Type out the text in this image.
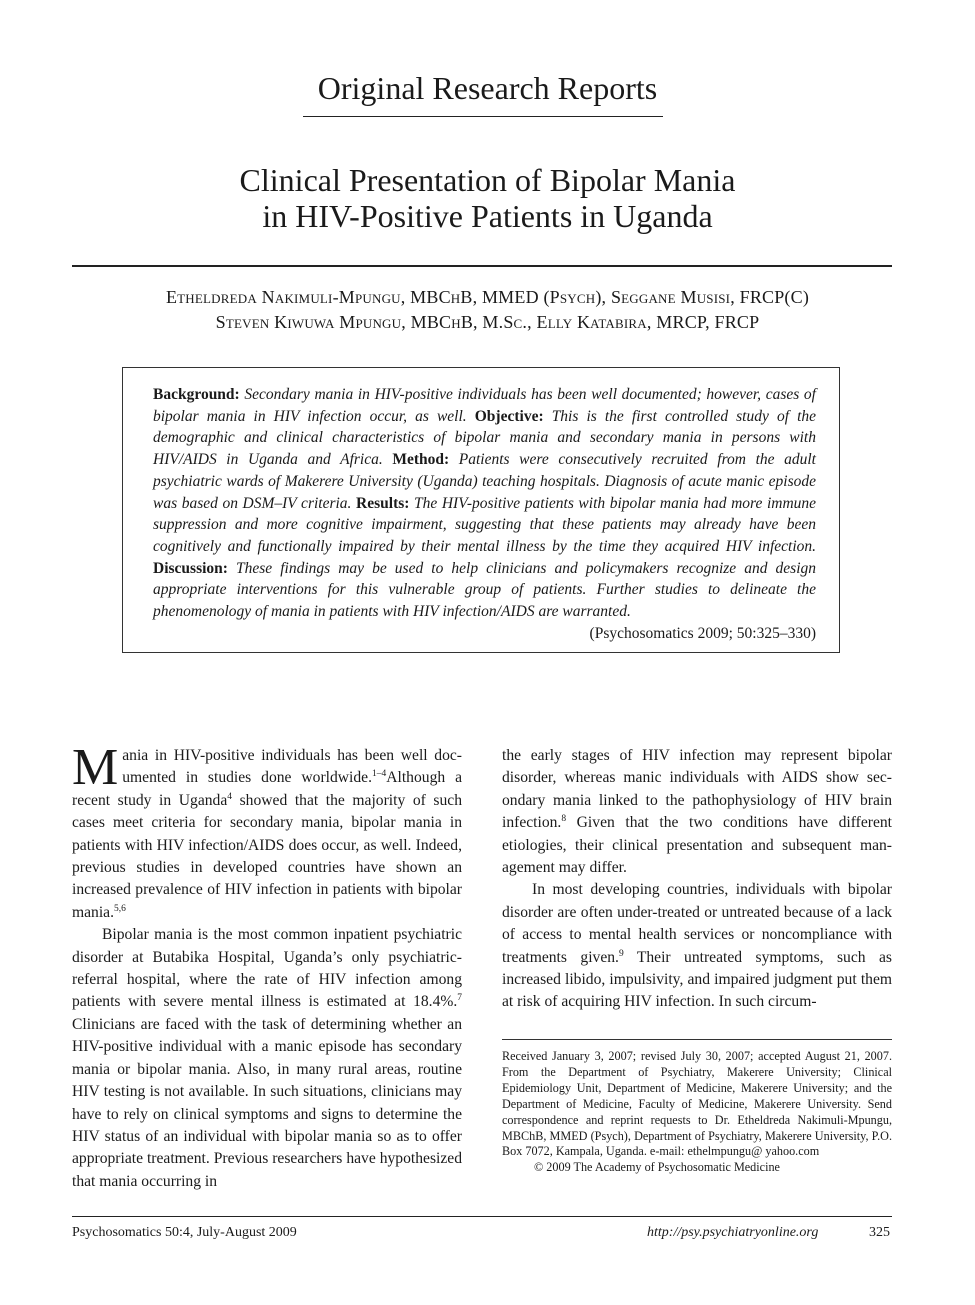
Original Research Reports
Clinical Presentation of Bipolar Mania
in HIV-Positive Patients in Uganda
Etheldreda Nakimuli-Mpungu, MBChB, MMED (Psych), Seggane Musisi, FRCP(C)
Steven Kiwuwa Mpungu, MBChB, M.Sc., Elly Katabira, MRCP, FRCP
Background: Secondary mania in HIV-positive individuals has been well documented; however, cases of bipolar mania in HIV infection occur, as well. Objective: This is the first controlled study of the demographic and clinical characteristics of bipolar mania and secondary mania in persons with HIV/AIDS in Uganda and Africa. Method: Patients were consecutively recruited from the adult psychiatric wards of Makerere University (Uganda) teaching hospitals. Diagnosis of acute manic episode was based on DSM–IV criteria. Results: The HIV-positive patients with bipolar mania had more immune suppression and more cognitive impairment, suggesting that these patients may already have been cognitively and functionally impaired by their mental illness by the time they acquired HIV infection. Discussion: These findings may be used to help clinicians and policymakers recognize and design appropriate interventions for this vulnerable group of patients. Further studies to delineate the phenomenology of mania in patients with HIV infection/AIDS are warranted.
(Psychosomatics 2009; 50:325–330)

Mania in HIV-positive individuals has been well documented in studies done worldwide.$^{1-4}$Although a recent study in Uganda$^4$ showed that the majority of such cases meet criteria for secondary mania, bipolar mania in patients with HIV infection/AIDS does occur, as well. Indeed, previous studies in developed countries have shown an increased prevalence of HIV infection in patients with bipolar mania.$^{5,6}$

Bipolar mania is the most common inpatient psychiatric disorder at Butabika Hospital, Uganda’s only psychiatric-referral hospital, where the rate of HIV infection among patients with severe mental illness is estimated at 18.4%.$^7$ Clinicians are faced with the task of determining whether an HIV-positive individual with a manic episode has secondary mania or bipolar mania. Also, in many rural areas, routine HIV testing is not available. In such situations, clinicians may have to rely on clinical symptoms and signs to determine the HIV status of an individual with bipolar mania so as to offer appropriate treatment. Previous researchers have hypothesized that mania occurring in

the early stages of HIV infection may represent bipolar disorder, whereas manic individuals with AIDS show secondary mania linked to the pathophysiology of HIV brain infection.$^8$ Given that the two conditions have different etiologies, their clinical presentation and subsequent management may differ.

In most developing countries, individuals with bipolar disorder are often under-treated or untreated because of a lack of access to mental health services or noncompliance with treatments given.$^9$ Their untreated symptoms, such as increased libido, impulsivity, and impaired judgment put them at risk of acquiring HIV infection. In such circum-

Received January 3, 2007; revised July 30, 2007; accepted August 21, 2007. From the Department of Psychiatry, Makerere University; Clinical Epidemiology Unit, Department of Medicine, Makerere University; and the Department of Medicine, Faculty of Medicine, Makerere University. Send correspondence and reprint requests to Dr. Etheldreda Nakimuli-Mpungu, MBChB, MMED (Psych), Department of Psychiatry, Makerere University, P.O. Box 7072, Kampala, Uganda. e-mail: ethelmpungu@ yahoo.com

© 2009 The Academy of Psychosomatic Medicine

Psychosomatics 50:4, July-August 2009	http://psy.psychiatryonline.org	325
